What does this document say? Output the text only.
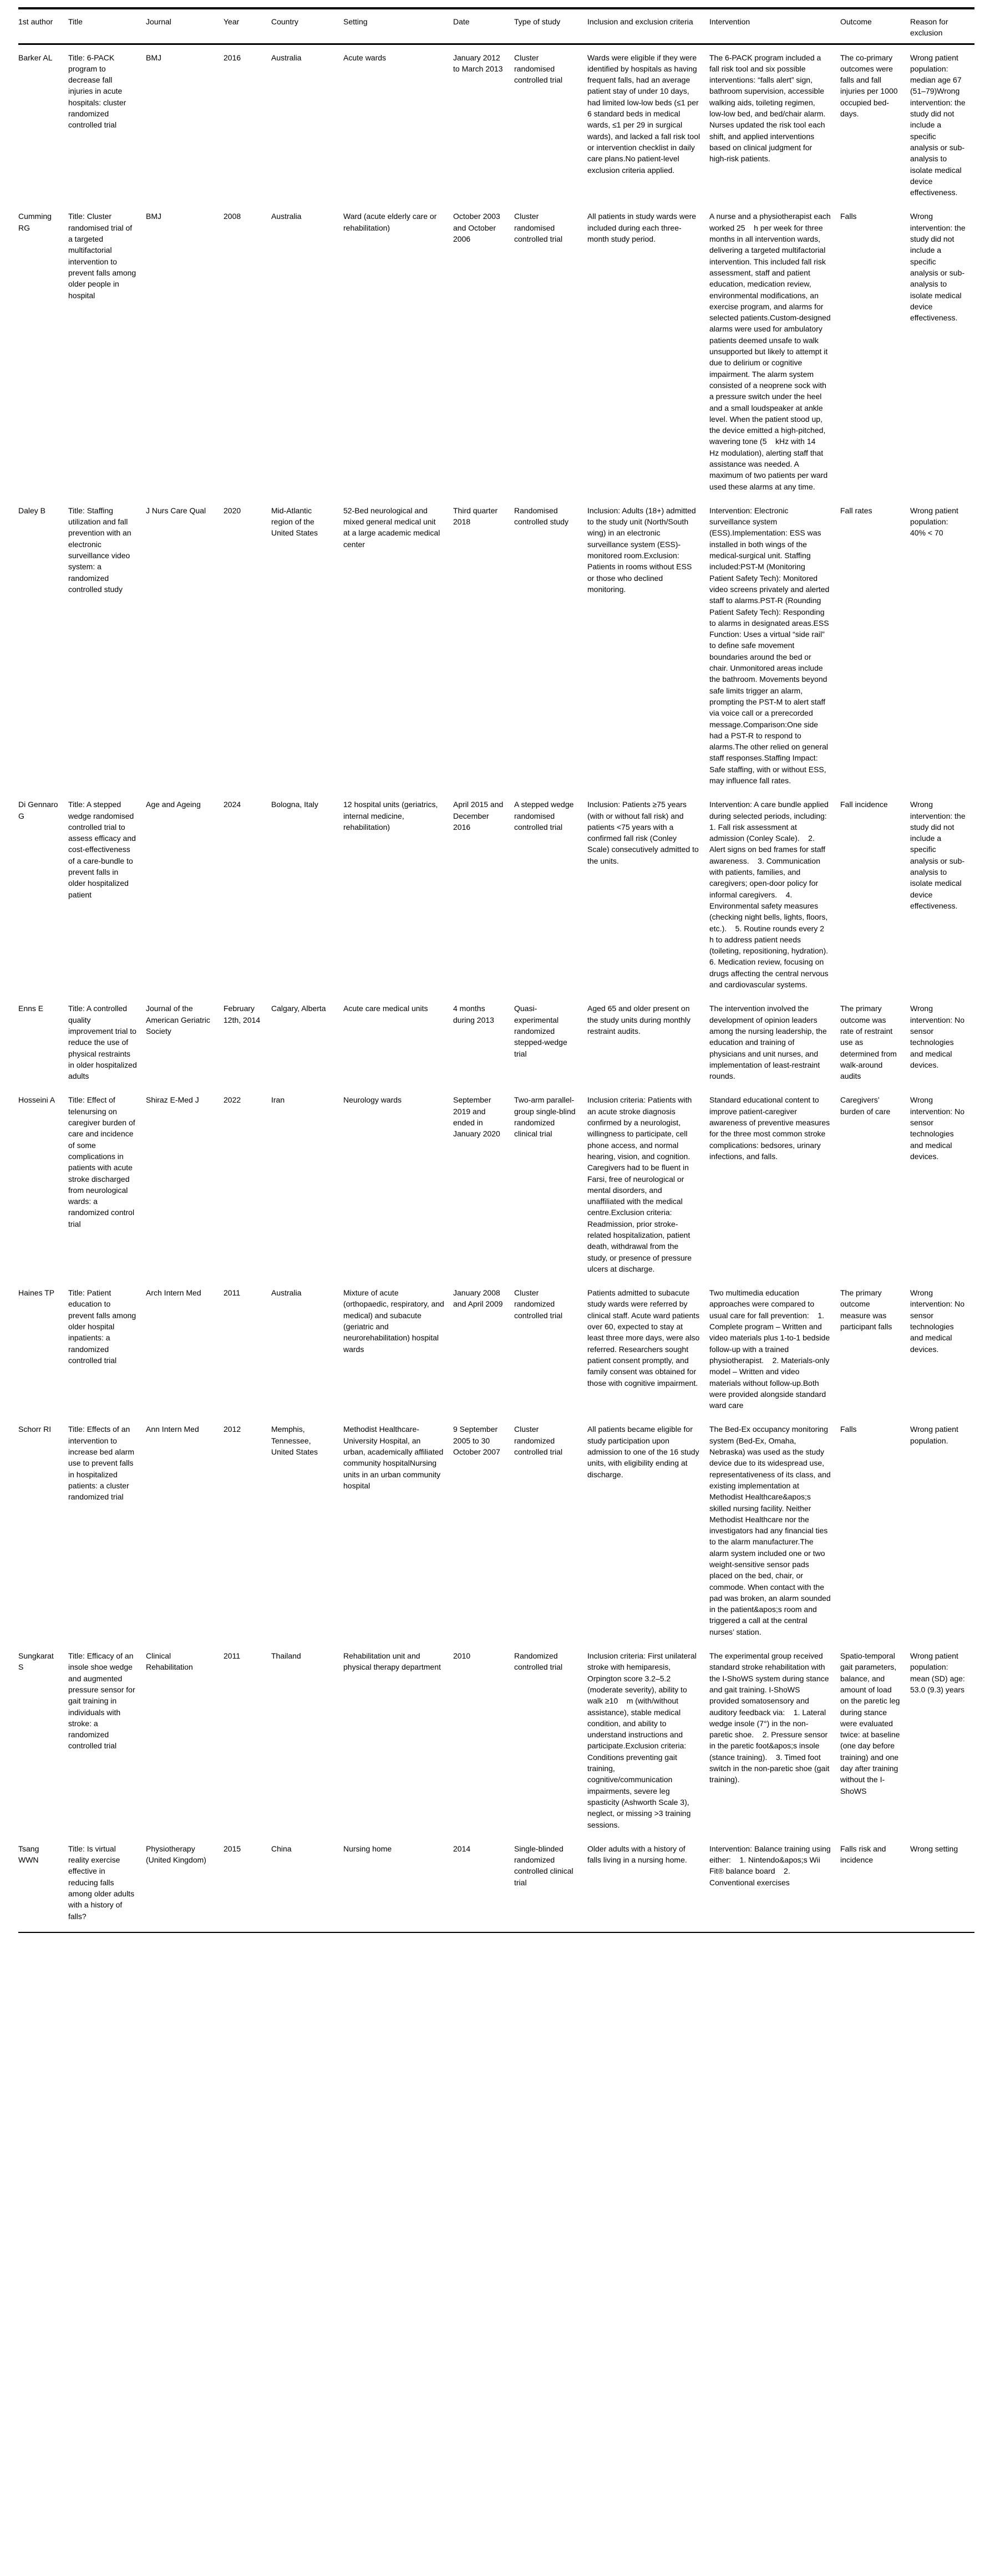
1st author	Title	Journal	Year	Country	Setting	Date	Type of study	Inclusion and exclusion criteria	Intervention	Outcome	Reason for exclusion
Barker AL	Title: 6-PACK program to decrease fall injuries in acute hospitals: cluster randomized controlled trial	BMJ	2016	Australia	Acute wards	January 2012 to March 2013	Cluster randomised controlled trial	Wards were eligible if they were identified by hospitals as having frequent falls, had an average patient stay of under 10 days, had limited low-low beds (≤1 per 6 standard beds in medical wards, ≤1 per 29 in surgical wards), and lacked a fall risk tool or intervention checklist in daily care plans.No patient-level exclusion criteria applied.	The 6-PACK program included a fall risk tool and six possible interventions: “falls alert” sign, bathroom supervision, accessible walking aids, toileting regimen, low-low bed, and bed/chair alarm. Nurses updated the risk tool each shift, and applied interventions based on clinical judgment for high-risk patients.	The co-primary outcomes were falls and fall injuries per 1000 occupied bed-days.	Wrong patient population: median age 67 (51–79)Wrong intervention: the study did not include a specific analysis or sub-analysis to isolate medical device effectiveness.
Cumming RG	Title: Cluster randomised trial of a targeted multifactorial intervention to prevent falls among older people in hospital	BMJ	2008	Australia	Ward (acute elderly care or rehabilitation)	October 2003 and October 2006	Cluster randomised controlled trial	All patients in study wards were included during each three-month study period.	A nurse and a physiotherapist each worked 25    h per week for three months in all intervention wards, delivering a targeted multifactorial intervention. This included fall risk assessment, staff and patient education, medication review, environmental modifications, an exercise program, and alarms for selected patients.Custom-designed alarms were used for ambulatory patients deemed unsafe to walk unsupported but likely to attempt it due to delirium or cognitive impairment. The alarm system consisted of a neoprene sock with a pressure switch under the heel and a small loudspeaker at ankle level. When the patient stood up, the device emitted a high-pitched, wavering tone (5    kHz with 14    Hz modulation), alerting staff that assistance was needed. A maximum of two patients per ward used these alarms at any time.	Falls	Wrong intervention: the study did not include a specific analysis or sub-analysis to isolate medical device effectiveness.
Daley B	Title: Staffing utilization and fall prevention with an electronic surveillance video system: a randomized controlled study	J Nurs Care Qual	2020	Mid-Atlantic region of the United States	52-Bed neurological and mixed general medical unit at a large academic medical center	Third quarter 2018	Randomised controlled study	Inclusion: Adults (18+) admitted to the study unit (North/South wing) in an electronic surveillance system (ESS)-monitored room.Exclusion: Patients in rooms without ESS or those who declined monitoring.	Intervention: Electronic surveillance system (ESS).Implementation: ESS was installed in both wings of the medical-surgical unit. Staffing included:PST-M (Monitoring Patient Safety Tech): Monitored video screens privately and alerted staff to alarms.PST-R (Rounding Patient Safety Tech): Responding to alarms in designated areas.ESS Function: Uses a virtual “side rail” to define safe movement boundaries around the bed or chair. Unmonitored areas include the bathroom. Movements beyond safe limits trigger an alarm, prompting the PST-M to alert staff via voice call or a prerecorded message.Comparison:One side had a PST-R to respond to alarms.The other relied on general staff responses.Staffing Impact: Safe staffing, with or without ESS, may influence fall rates.	Fall rates	Wrong patient population: 40% < 70
Di Gennaro G	Title: A stepped wedge randomised controlled trial to assess efficacy and cost-effectiveness of a care-bundle to prevent falls in older hospitalized patient	Age and Ageing	2024	Bologna, Italy	12 hospital units (geriatrics, internal medicine, rehabilitation)	April 2015 and December 2016	A stepped wedge randomised controlled trial	Inclusion: Patients ≥75 years (with or without fall risk) and patients <75 years with a confirmed fall risk (Conley Scale) consecutively admitted to the units.	Intervention: A care bundle applied during selected periods, including:    1. Fall risk assessment at admission (Conley Scale).    2. Alert signs on bed frames for staff awareness.    3. Communication with patients, families, and caregivers; open-door policy for informal caregivers.    4. Environmental safety measures (checking night bells, lights, floors, etc.).    5. Routine rounds every 2    h to address patient needs (toileting, repositioning, hydration).    6. Medication review, focusing on drugs affecting the central nervous and cardiovascular systems.	Fall incidence	Wrong intervention: the study did not include a specific analysis or sub-analysis to isolate medical device effectiveness.
Enns E	Title: A controlled quality improvement trial to reduce the use of physical restraints in older hospitalized adults	Journal of the American Geriatric Society	February 12th, 2014	Calgary, Alberta	Acute care medical units	4 months during 2013	Quasi-experimental randomized stepped-wedge trial	Aged 65 and older present on the study units during monthly restraint audits.	The intervention involved the development of opinion leaders among the nursing leadership, the education and training of physicians and unit nurses, and implementation of least-restraint rounds.	The primary outcome was rate of restraint use as determined from walk-around audits	Wrong intervention: No sensor technologies and medical devices.
Hosseini A	Title: Effect of telenursing on caregiver burden of care and incidence of some complications in patients with acute stroke discharged from neurological wards: a randomized control trial	Shiraz E-Med J	2022	Iran	Neurology wards	September 2019 and ended in January 2020	Two-arm parallel-group single-blind randomized clinical trial	Inclusion criteria: Patients with an acute stroke diagnosis confirmed by a neurologist, willingness to participate, cell phone access, and normal hearing, vision, and cognition. Caregivers had to be fluent in Farsi, free of neurological or mental disorders, and unaffiliated with the medical centre.Exclusion criteria: Readmission, prior stroke-related hospitalization, patient death, withdrawal from the study, or presence of pressure ulcers at discharge.	Standard educational content to improve patient-caregiver awareness of preventive measures for the three most common stroke complications: bedsores, urinary infections, and falls.	Caregivers’ burden of care	Wrong intervention: No sensor technologies and medical devices.
Haines TP	Title: Patient education to prevent falls among older hospital inpatients: a randomized controlled trial	Arch Intern Med	2011	Australia	Mixture of acute (orthopaedic, respiratory, and medical) and subacute (geriatric and neurorehabilitation) hospital wards	January 2008 and April 2009	Cluster randomized controlled trial	Patients admitted to subacute study wards were referred by clinical staff. Acute ward patients over 60, expected to stay at least three more days, were also referred. Researchers sought patient consent promptly, and family consent was obtained for those with cognitive impairment.	Two multimedia education approaches were compared to usual care for fall prevention:    1. Complete program – Written and video materials plus 1-to-1 bedside follow-up with a trained physiotherapist.    2. Materials-only model – Written and video materials without follow-up.Both were provided alongside standard ward care	The primary outcome measure was participant falls	Wrong intervention: No sensor technologies and medical devices.
Schorr RI	Title: Effects of an intervention to increase bed alarm use to prevent falls in hospitalized patients: a cluster randomized trial	Ann Intern Med	2012	Memphis, Tennessee, United States	Methodist Healthcare-University Hospital, an urban, academically affiliated community hospitalNursing units in an urban community hospital	9 September 2005 to 30 October 2007	Cluster randomized controlled trial	All patients became eligible for study participation upon admission to one of the 16 study units, with eligibility ending at discharge.	The Bed-Ex occupancy monitoring system (Bed-Ex, Omaha, Nebraska) was used as the study device due to its widespread use, representativeness of its class, and existing implementation at Methodist Healthcare&apos;s skilled nursing facility. Neither Methodist Healthcare nor the investigators had any financial ties to the alarm manufacturer.The alarm system included one or two weight-sensitive sensor pads placed on the bed, chair, or commode. When contact with the pad was broken, an alarm sounded in the patient&apos;s room and triggered a call at the central nurses’ station.	Falls	Wrong patient population.
Sungkarat S	Title: Efficacy of an insole shoe wedge and augmented pressure sensor for gait training in individuals with stroke: a randomized controlled trial	Clinical Rehabilitation	2011	Thailand	Rehabilitation unit and physical therapy department	2010	Randomized controlled trial	Inclusion criteria: First unilateral stroke with hemiparesis, Orpington score 3.2–5.2 (moderate severity), ability to walk ≥10    m (with/without assistance), stable medical condition, and ability to understand instructions and participate.Exclusion criteria: Conditions preventing gait training, cognitive/communication impairments, severe leg spasticity (Ashworth Scale 3), neglect, or missing >3 training sessions.	The experimental group received standard stroke rehabilitation with the I-ShoWS system during stance and gait training. I-ShoWS provided somatosensory and auditory feedback via:    1. Lateral wedge insole (7°) in the non-paretic shoe.    2. Pressure sensor in the paretic foot&apos;s insole (stance training).    3. Timed foot switch in the non-paretic shoe (gait training).	Spatio-temporal gait parameters, balance, and amount of load on the paretic leg during stance were evaluated twice: at baseline (one day before training) and one day after training without the I-ShoWS	Wrong patient population: mean (SD) age: 53.0 (9.3) years
Tsang WWN	Title: Is virtual reality exercise effective in reducing falls among older adults with a history of falls?	Physiotherapy (United Kingdom)	2015	China	Nursing home	2014	Single-blinded randomized controlled clinical trial	Older adults with a history of falls living in a nursing home.	Intervention: Balance training using either:    1. Nintendo&apos;s Wii Fit® balance board    2. Conventional exercises	Falls risk and incidence	Wrong setting
